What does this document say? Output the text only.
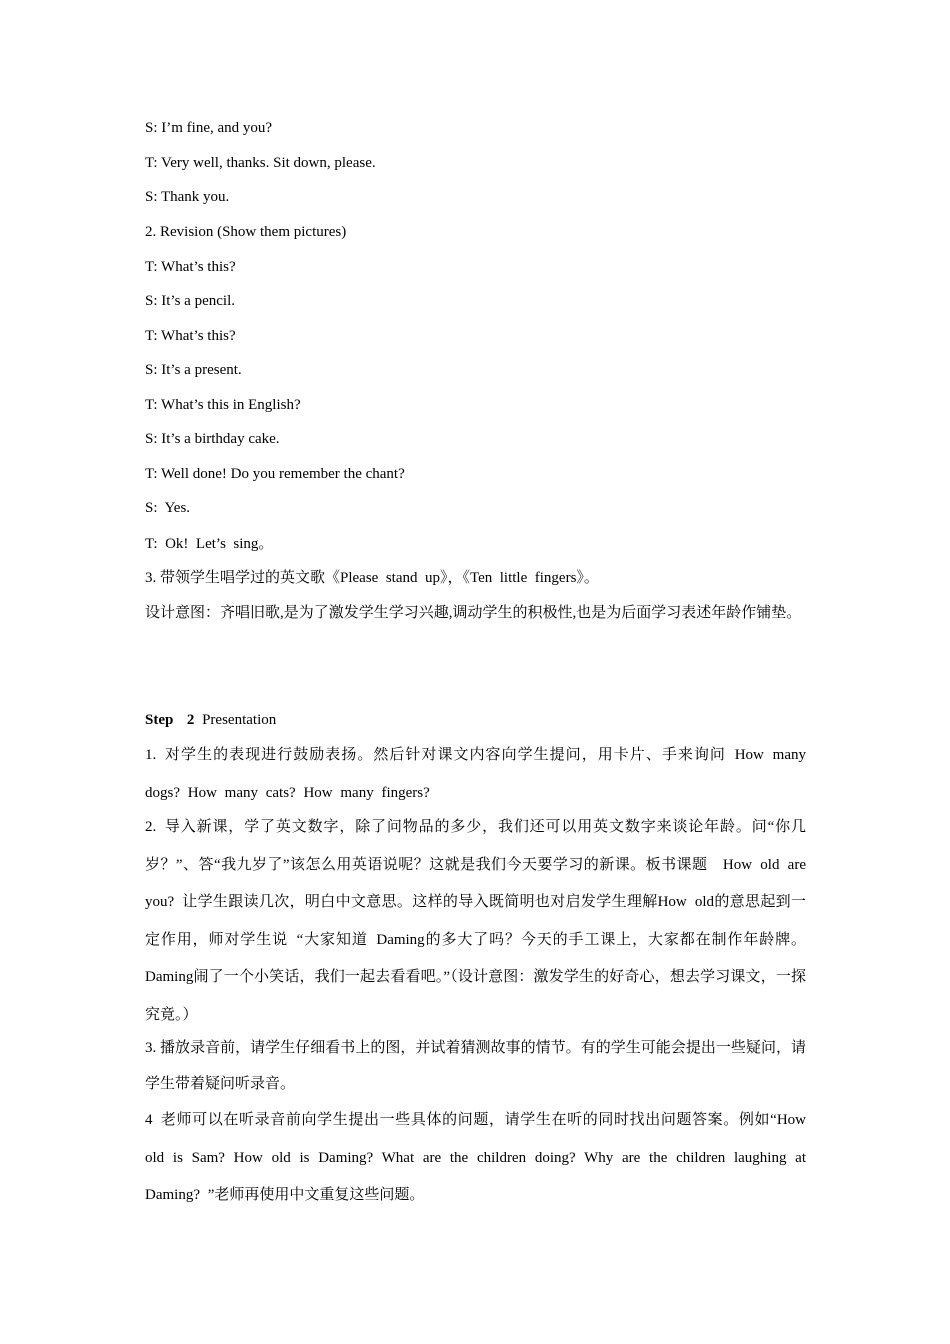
S: I’m fine, and you?
T: Very well, thanks. Sit down, please.
S: Thank you.
2. Revision (Show them pictures)
T: What’s this?
S: It’s a pencil.
T: What’s this?
S: It’s a present.
T: What’s this in English?
S: It’s a birthday cake.
T: Well done! Do you remember the chant?
S:  Yes.
T:  Ok!  Let’s  sing。
3. 带领学生唱学过的英文歌《Please  stand  up》，《Ten  little  fingers》。
设计意图：齐唱旧歌,是为了激发学生学习兴趣,调动学生的积极性,也是为后面学习表述年龄作铺垫。
Step  2 Presentation
1. 对学生的表现进行鼓励表扬。然后针对课文内容向学生提问，用卡片、手来询问 How many dogs? How many cats? How many fingers?
2. 导入新课，学了英文数字，除了问物品的多少，我们还可以用英文数字来谈论年龄。问“你几岁？”、答“我九岁了”该怎么用英语说呢？这就是我们今天要学习的新课。板书课题　How old are you? 让学生跟读几次，明白中文意思。这样的导入既简明也对启发学生理解How old的意思起到一定作用，师对学生说 “大家知道 Daming的多大了吗？今天的手工课上，大家都在制作年龄牌。Daming闹了一个小笑话，我们一起去看看吧。”（设计意图：激发学生的好奇心，想去学习课文，一探究竟。）
3. 播放录音前，请学生仔细看书上的图，并试着猜测故事的情节。有的学生可能会提出一些疑问，请学生带着疑问听录音。
4 老师可以在听录音前向学生提出一些具体的问题，请学生在听的同时找出问题答案。例如“How old is Sam? How old is Daming? What are the children doing? Why are the children laughing at Daming? ”老师再使用中文重复这些问题。
